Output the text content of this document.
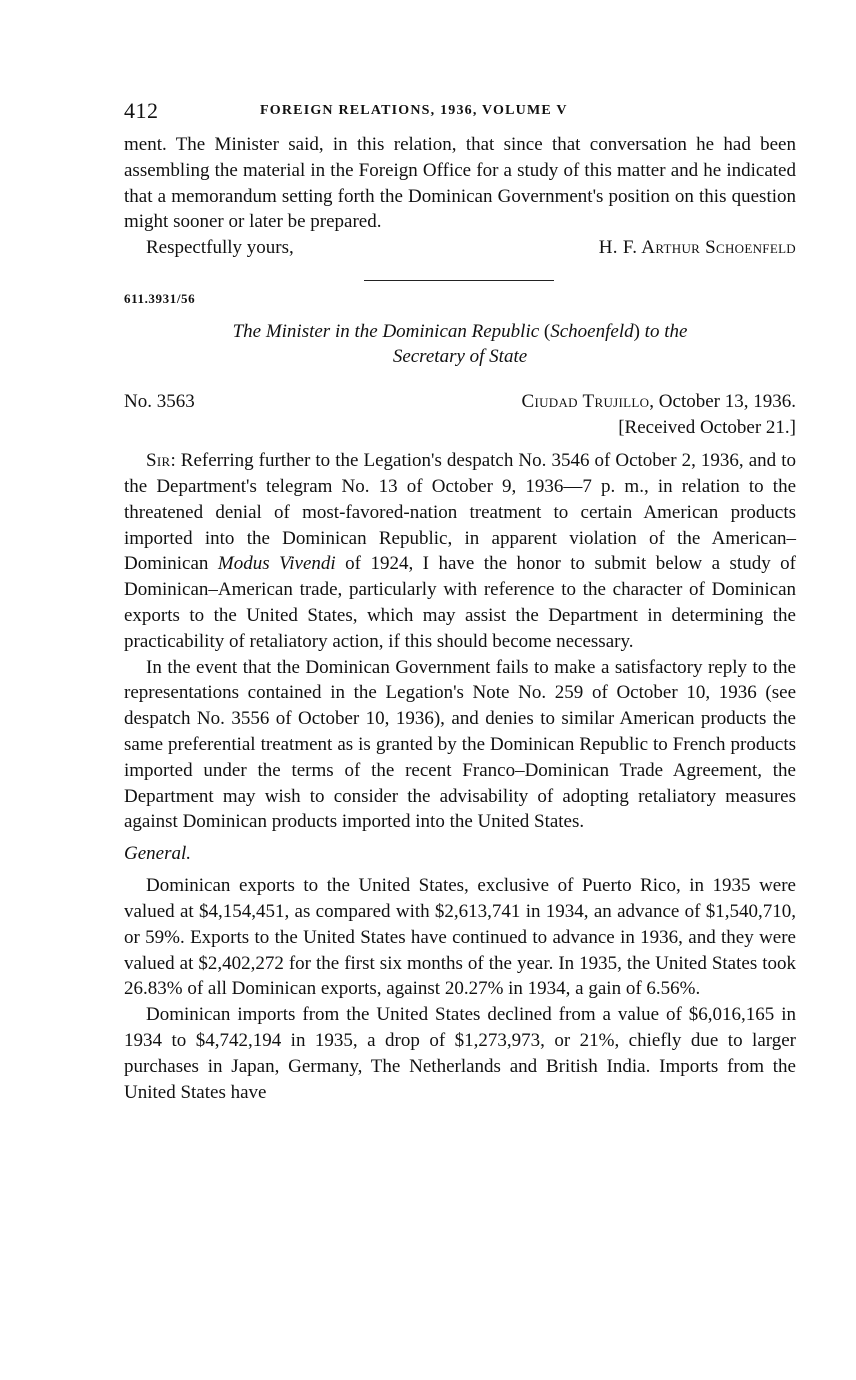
412	FOREIGN RELATIONS, 1936, VOLUME V

ment. The Minister said, in this relation, that since that conversation he had been assembling the material in the Foreign Office for a study of this matter and he indicated that a memorandum setting forth the Dominican Government's position on this question might sooner or later be prepared.

Respectfully yours,	H. F. Arthur Schoenfeld
611.3931/56
The Minister in the Dominican Republic (Schoenfeld) to the
Secretary of State
No. 3563	Ciudad Trujillo, October 13, 1936.
[Received October 21.]

Sir: Referring further to the Legation's despatch No. 3546 of October 2, 1936, and to the Department's telegram No. 13 of October 9, 1936—7 p. m., in relation to the threatened denial of most-favored-nation treatment to certain American products imported into the Dominican Republic, in apparent violation of the American–Dominican Modus Vivendi of 1924, I have the honor to submit below a study of Dominican–American trade, particularly with reference to the character of Dominican exports to the United States, which may assist the Department in determining the practicability of retaliatory action, if this should become necessary.

In the event that the Dominican Government fails to make a satisfactory reply to the representations contained in the Legation's Note No. 259 of October 10, 1936 (see despatch No. 3556 of October 10, 1936), and denies to similar American products the same preferential treatment as is granted by the Dominican Republic to French products imported under the terms of the recent Franco–Dominican Trade Agreement, the Department may wish to consider the advisability of adopting retaliatory measures against Dominican products imported into the United States.

General.

Dominican exports to the United States, exclusive of Puerto Rico, in 1935 were valued at $4,154,451, as compared with $2,613,741 in 1934, an advance of $1,540,710, or 59%. Exports to the United States have continued to advance in 1936, and they were valued at $2,402,272 for the first six months of the year. In 1935, the United States took 26.83% of all Dominican exports, against 20.27% in 1934, a gain of 6.56%.

Dominican imports from the United States declined from a value of $6,016,165 in 1934 to $4,742,194 in 1935, a drop of $1,273,973, or 21%, chiefly due to larger purchases in Japan, Germany, The Netherlands and British India. Imports from the United States have
